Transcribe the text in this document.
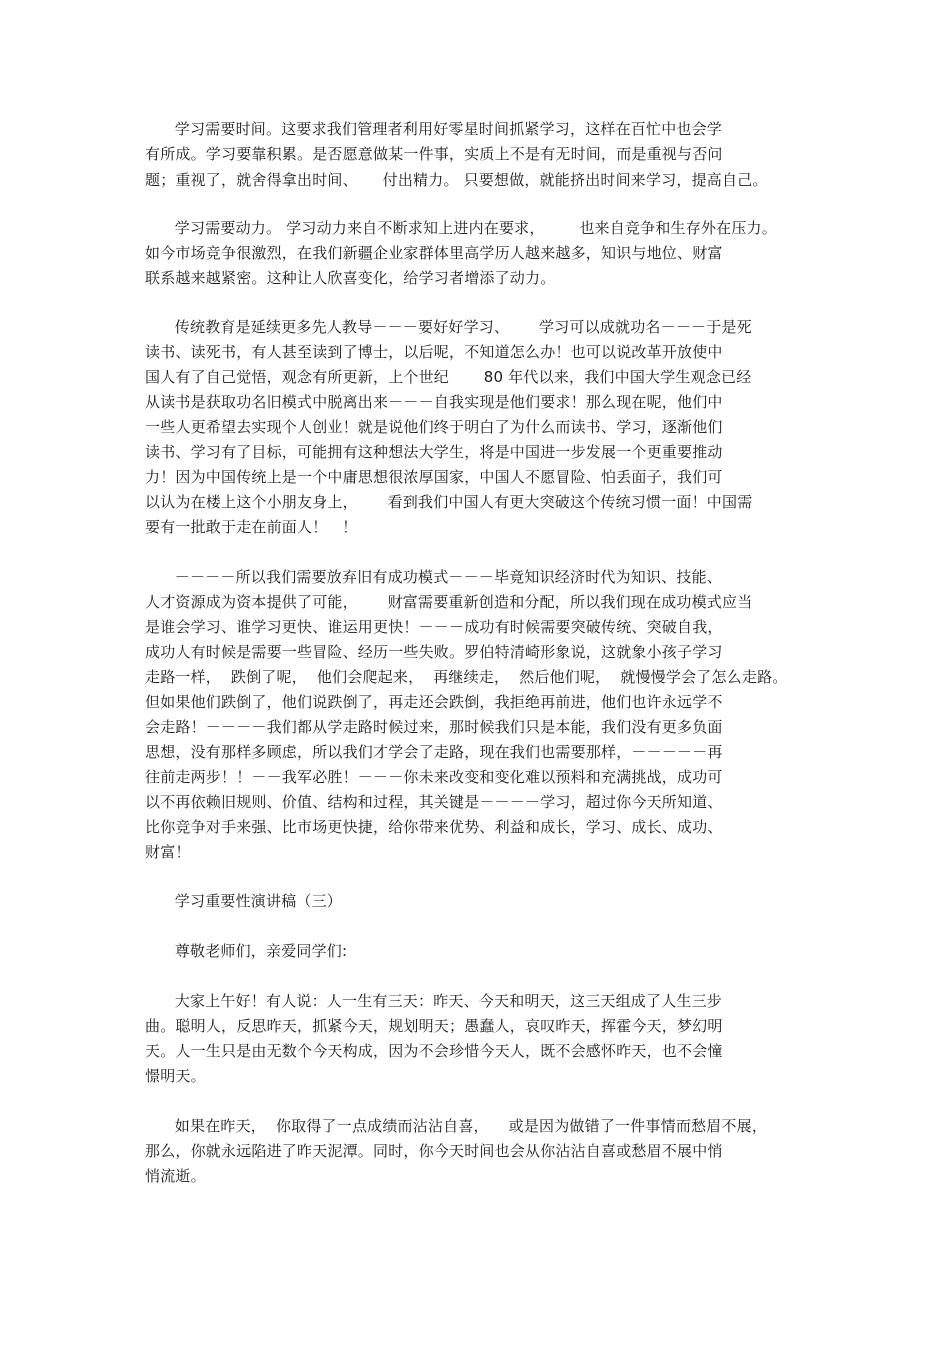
学习需要时间。这要求我们管理者利用好零星时间抓紧学习，这样在百忙中也会学
有所成。学习要靠积累。是否愿意做某一件事，实质上不是有无时间，而是重视与否问
题；重视了，就舍得拿出时间、     付出精力。 只要想做，就能挤出时间来学习，提高自己。
学习需要动力。 学习动力来自不断求知上进内在要求，       也来自竞争和生存外在压力。
如今市场竞争很激烈，在我们新疆企业家群体里高学历人越来越多，知识与地位、财富
联系越来越紧密。这种让人欣喜变化，给学习者增添了动力。
传统教育是延续更多先人教导－－－要好好学习、      学习可以成就功名－－－于是死
读书、读死书，有人甚至读到了博士，以后呢，不知道怎么办！也可以说改革开放使中
国人有了自己觉悟，观念有所更新，上个世纪       80 年代以来，我们中国大学生观念已经
从读书是获取功名旧模式中脱离出来－－－自我实现是他们要求！那么现在呢，他们中
一些人更希望去实现个人创业！就是说他们终于明白了为什么而读书、学习，逐渐他们
读书、学习有了目标，可能拥有这种想法大学生，将是中国进一步发展一个更重要推动
力！因为中国传统上是一个中庸思想很浓厚国家，中国人不愿冒险、怕丢面子，我们可
以认为在楼上这个小朋友身上，      看到我们中国人有更大突破这个传统习惯一面！中国需
要有一批敢于走在前面人！   ！
－－－－所以我们需要放弃旧有成功模式－－－毕竟知识经济时代为知识、技能、
人才资源成为资本提供了可能，      财富需要重新创造和分配，所以我们现在成功模式应当
是谁会学习、谁学习更快、谁运用更快！－－－成功有时候需要突破传统、突破自我，
成功人有时候是需要一些冒险、经历一些失败。罗伯特清崎形象说，这就象小孩子学习
走路一样，  跌倒了呢，  他们会爬起来，  再继续走，  然后他们呢，  就慢慢学会了怎么走路。
但如果他们跌倒了，他们说跌倒了，再走还会跌倒，我拒绝再前进，他们也许永远学不
会走路！－－－－我们都从学走路时候过来，那时候我们只是本能，我们没有更多负面
思想，没有那样多顾虑，所以我们才学会了走路，现在我们也需要那样，－－－－－再
往前走两步！！－－我军必胜！－－－你未来改变和变化难以预料和充满挑战，成功可
以不再依赖旧规则、价值、结构和过程，其关键是－－－－学习，超过你今天所知道、
比你竞争对手来强、比市场更快捷，给你带来优势、利益和成长，学习、成长、成功、
财富！
学习重要性演讲稿（三）
尊敬老师们，亲爱同学们:
大家上午好！有人说：人一生有三天：昨天、今天和明天，这三天组成了人生三步
曲。聪明人，反思昨天，抓紧今天，规划明天；愚蠢人，哀叹昨天，挥霍今天，梦幻明
天。人一生只是由无数个今天构成，因为不会珍惜今天人，既不会感怀昨天，也不会憧
憬明天。
如果在昨天，  你取得了一点成绩而沾沾自喜，    或是因为做错了一件事情而愁眉不展，
那么，你就永远陷进了昨天泥潭。同时，你今天时间也会从你沾沾自喜或愁眉不展中悄
悄流逝。
